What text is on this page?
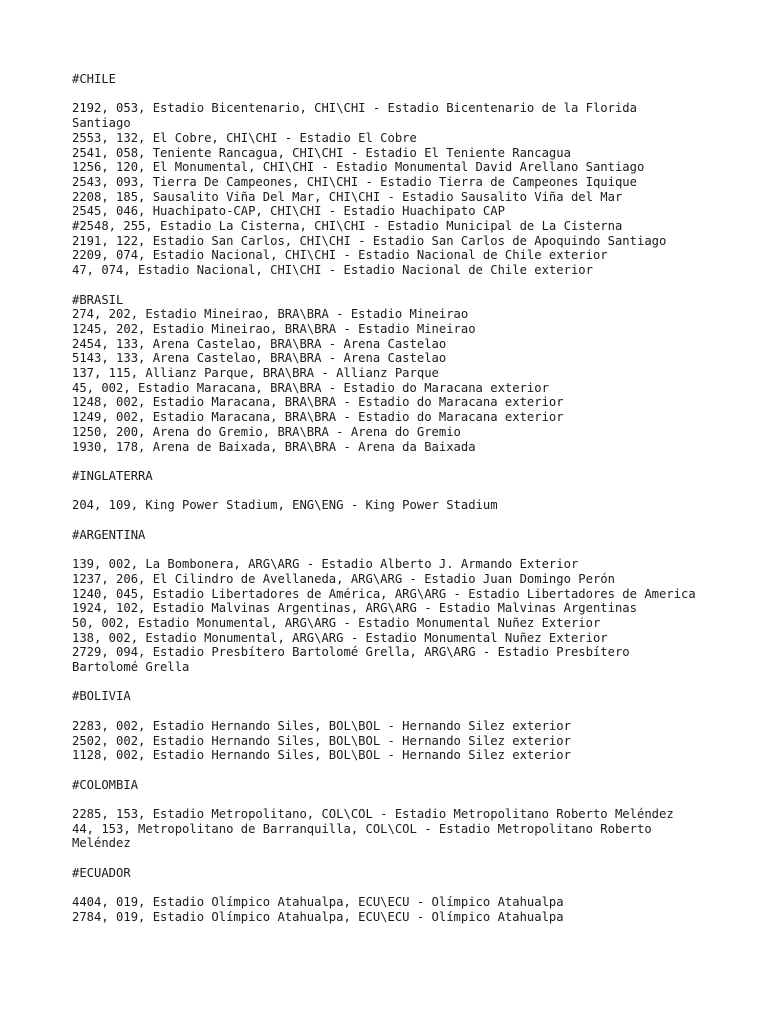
#CHILE
2192, 053, Estadio Bicentenario, CHI\CHI - Estadio Bicentenario de la Florida Santiago
2553, 132, El Cobre, CHI\CHI - Estadio El Cobre
2541, 058, Teniente Rancagua, CHI\CHI - Estadio El Teniente Rancagua
1256, 120, El Monumental, CHI\CHI - Estadio Monumental David Arellano Santiago
2543, 093, Tierra De Campeones, CHI\CHI - Estadio Tierra de Campeones Iquique
2208, 185, Sausalito Viña Del Mar, CHI\CHI - Estadio Sausalito Viña del Mar
2545, 046, Huachipato-CAP, CHI\CHI - Estadio Huachipato CAP
#2548, 255, Estadio La Cisterna, CHI\CHI - Estadio Municipal de La Cisterna
2191, 122, Estadio San Carlos, CHI\CHI - Estadio San Carlos de Apoquindo Santiago
2209, 074, Estadio Nacional, CHI\CHI - Estadio Nacional de Chile exterior
47, 074, Estadio Nacional, CHI\CHI - Estadio Nacional de Chile exterior
#BRASIL
274, 202, Estadio Mineirao, BRA\BRA - Estadio Mineirao
1245, 202, Estadio Mineirao, BRA\BRA - Estadio Mineirao
2454, 133, Arena Castelao, BRA\BRA - Arena Castelao
5143, 133, Arena Castelao, BRA\BRA - Arena Castelao
137, 115, Allianz Parque, BRA\BRA - Allianz Parque
45, 002, Estadio Maracana, BRA\BRA - Estadio do Maracana exterior
1248, 002, Estadio Maracana, BRA\BRA - Estadio do Maracana exterior
1249, 002, Estadio Maracana, BRA\BRA - Estadio do Maracana exterior
1250, 200, Arena do Gremio, BRA\BRA - Arena do Gremio
1930, 178, Arena de Baixada, BRA\BRA - Arena da Baixada
#INGLATERRA
204, 109, King Power Stadium, ENG\ENG - King Power Stadium
#ARGENTINA
139, 002, La Bombonera, ARG\ARG - Estadio Alberto J. Armando Exterior
1237, 206, El Cilindro de Avellaneda, ARG\ARG - Estadio Juan Domingo Perón
1240, 045, Estadio Libertadores de América, ARG\ARG - Estadio Libertadores de America
1924, 102, Estadio Malvinas Argentinas, ARG\ARG - Estadio Malvinas Argentinas
50, 002, Estadio Monumental, ARG\ARG - Estadio Monumental Nuñez Exterior
138, 002, Estadio Monumental, ARG\ARG - Estadio Monumental Nuñez Exterior
2729, 094, Estadio Presbítero Bartolomé Grella, ARG\ARG - Estadio Presbítero Bartolomé Grella
#BOLIVIA
2283, 002, Estadio Hernando Siles, BOL\BOL - Hernando Silez exterior
2502, 002, Estadio Hernando Siles, BOL\BOL - Hernando Silez exterior
1128, 002, Estadio Hernando Siles, BOL\BOL - Hernando Silez exterior
#COLOMBIA
2285, 153, Estadio Metropolitano, COL\COL - Estadio Metropolitano Roberto Meléndez
44, 153, Metropolitano de Barranquilla, COL\COL - Estadio Metropolitano Roberto Meléndez
#ECUADOR
4404, 019, Estadio Olímpico Atahualpa, ECU\ECU - Olímpico Atahualpa
2784, 019, Estadio Olímpico Atahualpa, ECU\ECU - Olímpico Atahualpa
